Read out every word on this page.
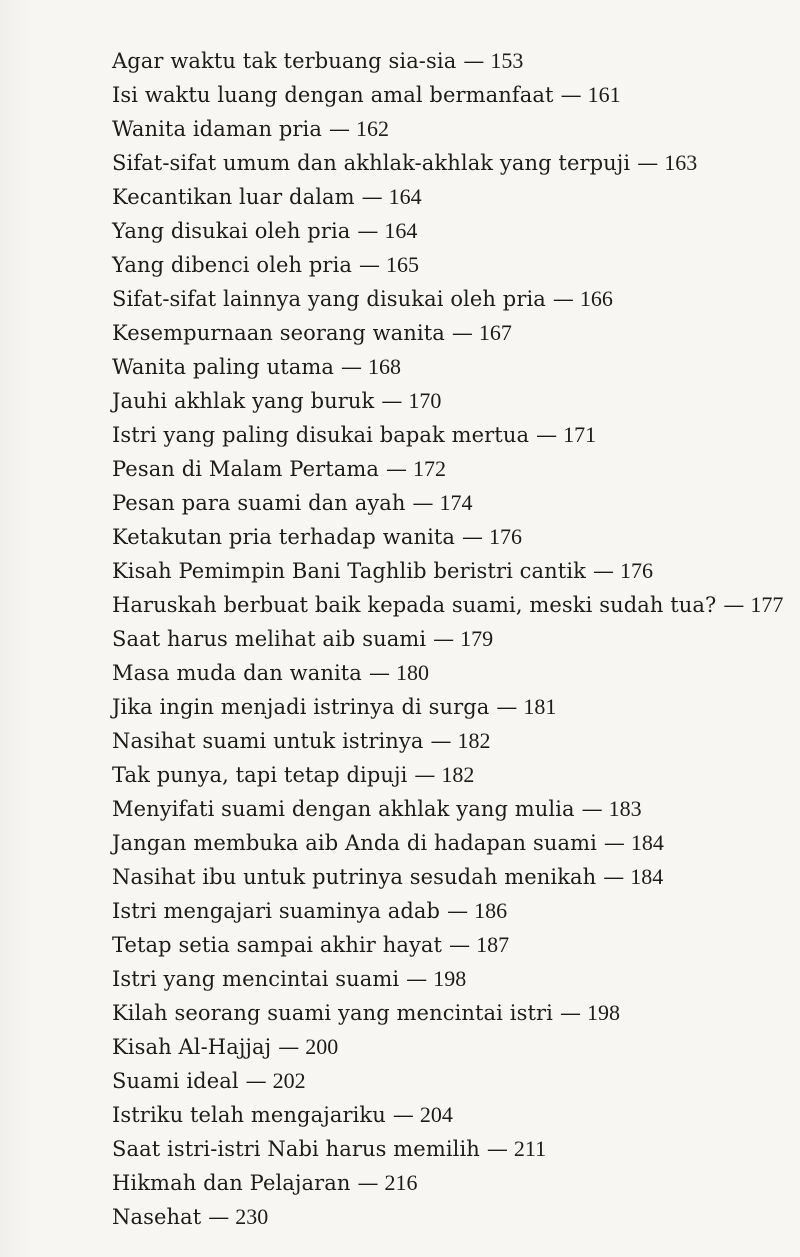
Agar waktu tak terbuang sia-sia — 153
Isi waktu luang dengan amal bermanfaat — 161
Wanita idaman pria — 162
Sifat-sifat umum dan akhlak-akhlak yang terpuji — 163
Kecantikan luar dalam — 164
Yang disukai oleh pria — 164
Yang dibenci oleh pria — 165
Sifat-sifat lainnya yang disukai oleh pria — 166
Kesempurnaan seorang wanita — 167
Wanita paling utama — 168
Jauhi akhlak yang buruk — 170
Istri yang paling disukai bapak mertua — 171
Pesan di Malam Pertama — 172
Pesan para suami dan ayah — 174
Ketakutan pria terhadap wanita — 176
Kisah Pemimpin Bani Taghlib beristri cantik — 176
Haruskah berbuat baik kepada suami, meski sudah tua? — 177
Saat harus melihat aib suami — 179
Masa muda dan wanita — 180
Jika ingin menjadi istrinya di surga — 181
Nasihat suami untuk istrinya — 182
Tak punya, tapi tetap dipuji — 182
Menyifati suami dengan akhlak yang mulia — 183
Jangan membuka aib Anda di hadapan suami — 184
Nasihat ibu untuk putrinya sesudah menikah — 184
Istri mengajari suaminya adab — 186
Tetap setia sampai akhir hayat — 187
Istri yang mencintai suami — 198
Kilah seorang suami yang mencintai istri — 198
Kisah Al-Hajjaj — 200
Suami ideal — 202
Istriku telah mengajariku — 204
Saat istri-istri Nabi harus memilih — 211
Hikmah dan Pelajaran — 216
Nasehat — 230
